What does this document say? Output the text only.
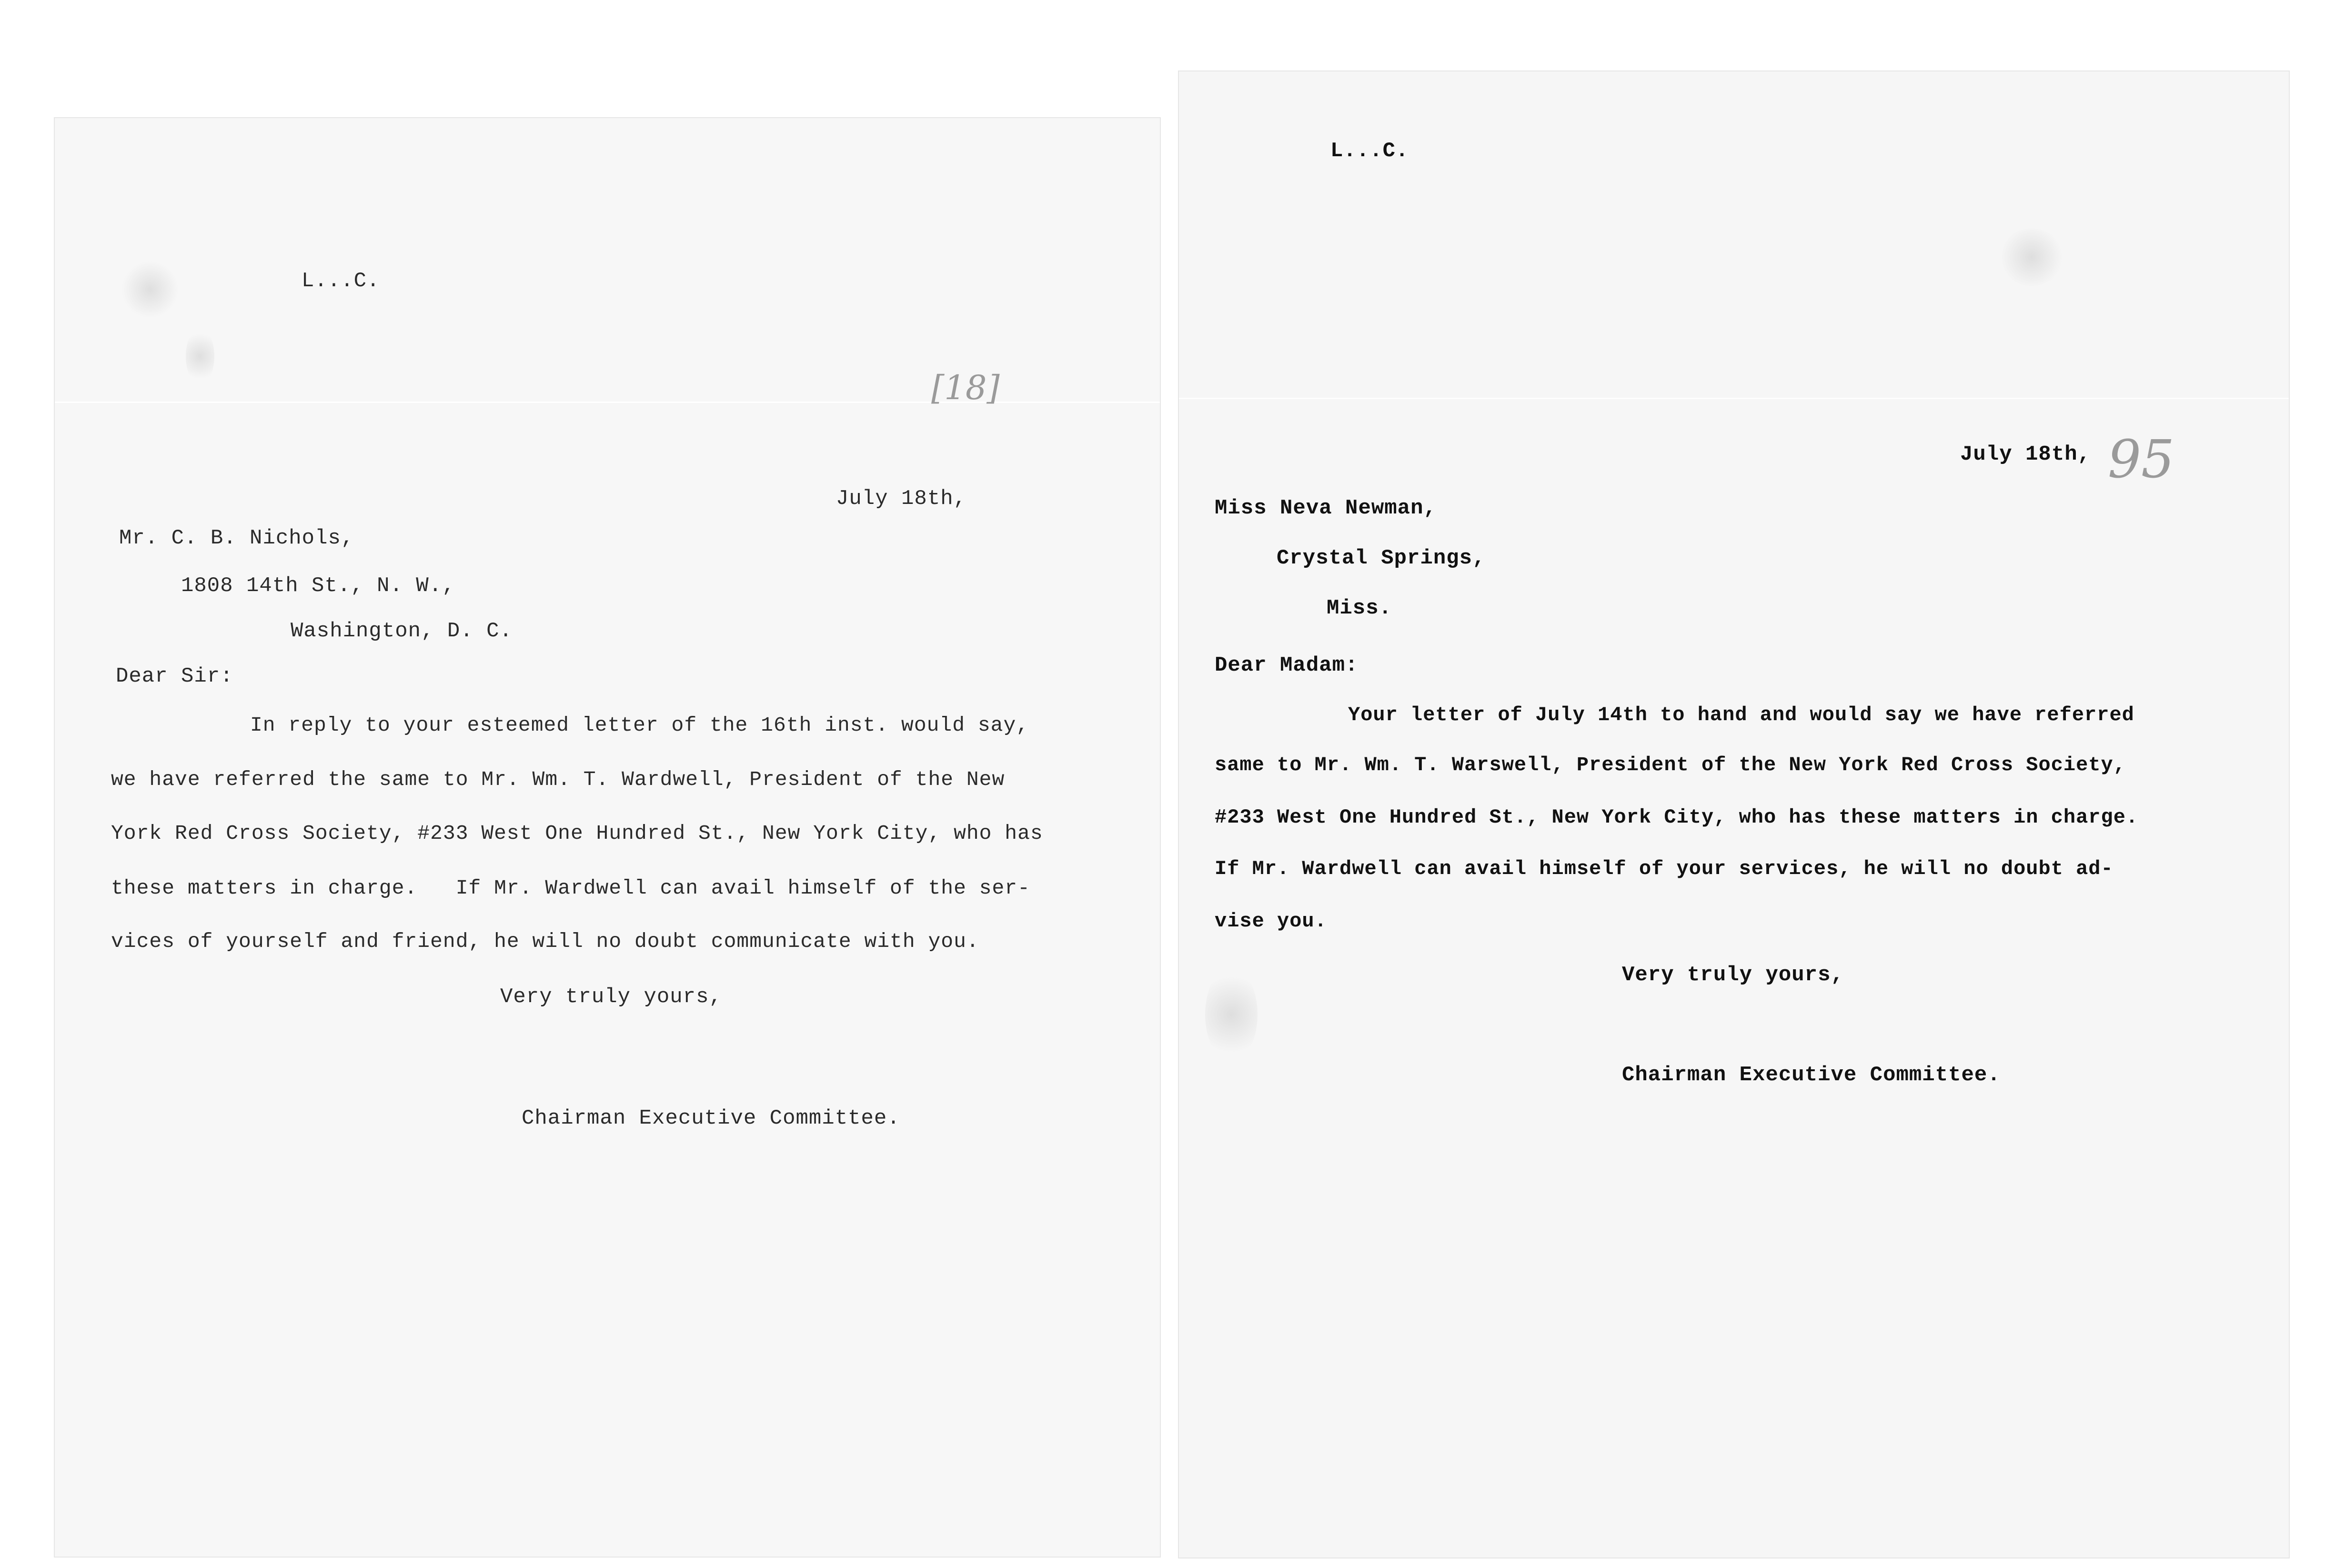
L...C.
[18]
July 18th,
Mr. C. B. Nichols,
1808 14th St., N. W.,
Washington, D. C.
Dear Sir:
In reply to your esteemed letter of the 16th inst. would say,
we have referred the same to Mr. Wm. T. Wardwell, President of the New
York Red Cross Society, #233 West One Hundred St., New York City, who has
these matters in charge.   If Mr. Wardwell can avail himself of the ser-
vices of yourself and friend, he will no doubt communicate with you.
Very truly yours,
Chairman Executive Committee.
L...C.
July 18th, 95
Miss Neva Newman,
Crystal Springs,
Miss.
Dear Madam:
Your letter of July 14th to hand and would say we have referred
same to Mr. Wm. T. Warswell, President of the New York Red Cross Society,
#233 West One Hundred St., New York City, who has these matters in charge.
If Mr. Wardwell can avail himself of your services, he will no doubt ad-
vise you.
Very truly yours,
Chairman Executive Committee.
